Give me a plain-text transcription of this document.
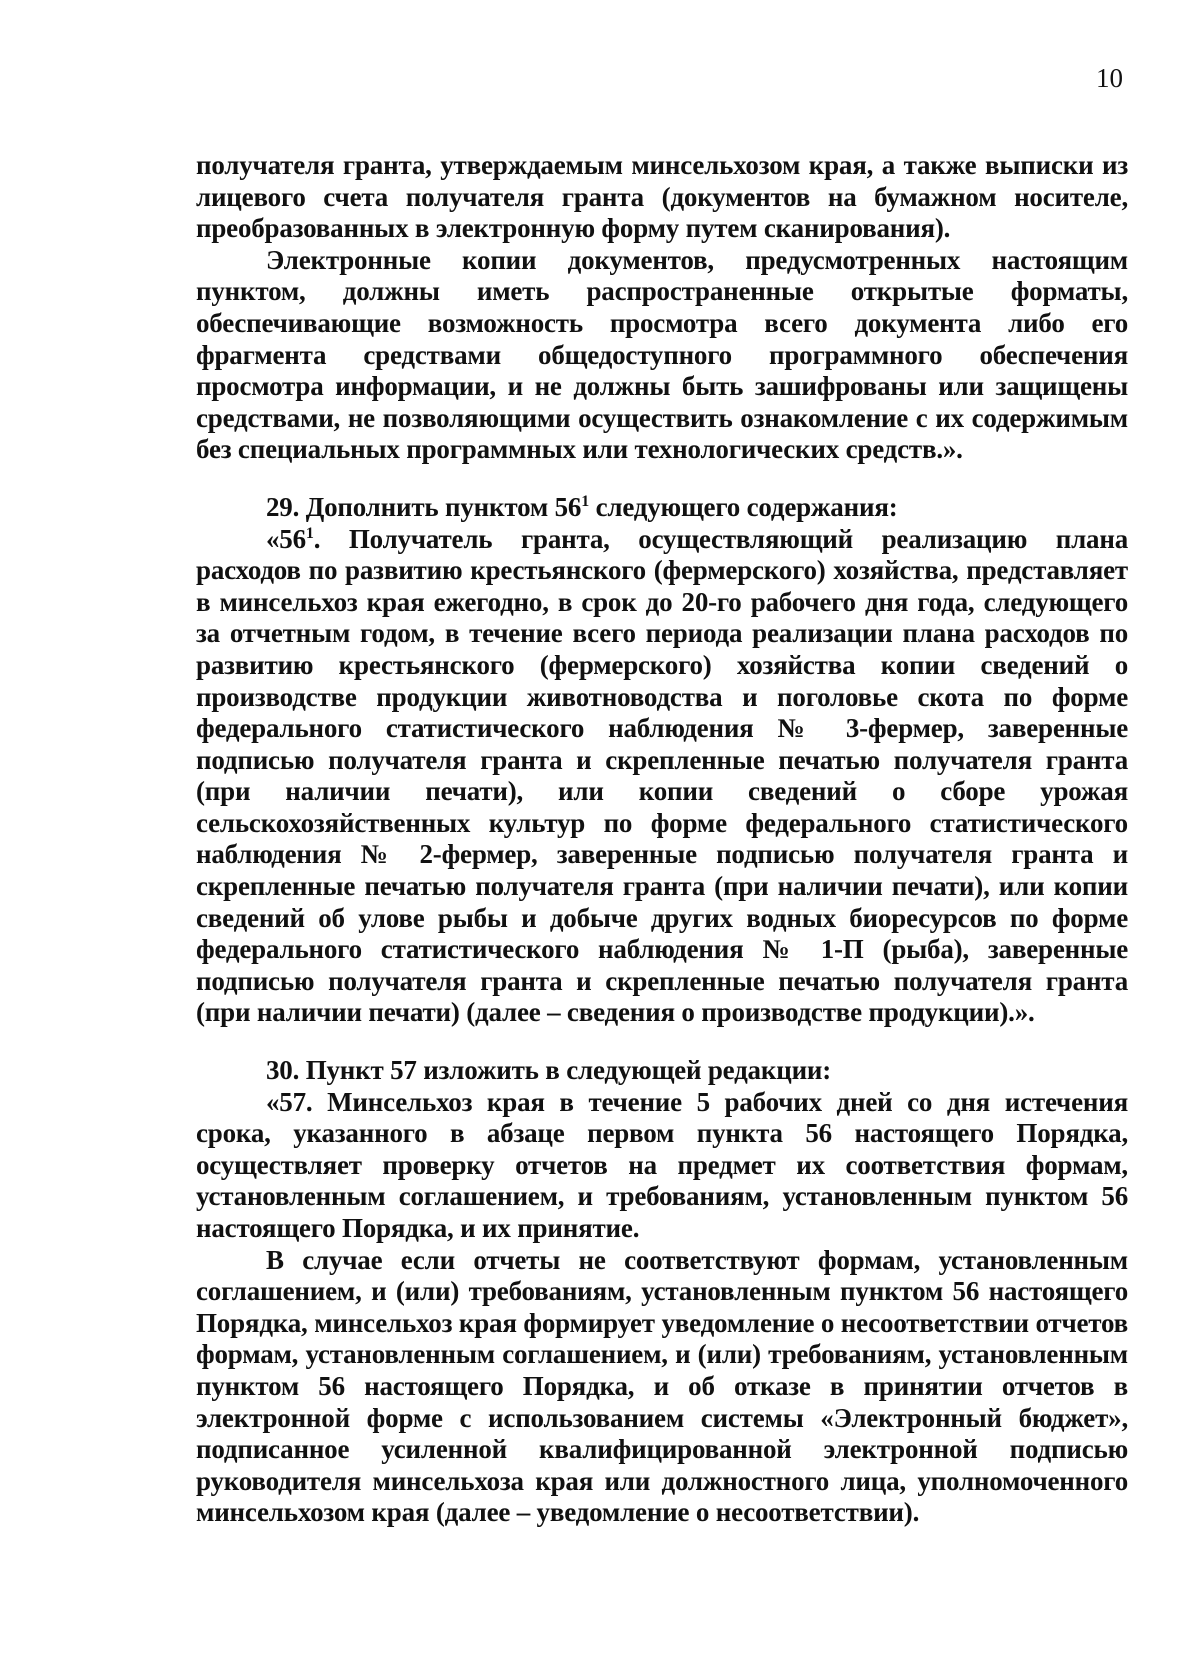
10

получателя гранта, утверждаемым минсельхозом края, а также выписки из лицевого счета получателя гранта (документов на бумажном носителе, преобразованных в электронную форму путем сканирования).

Электронные копии документов, предусмотренных настоящим пунктом, должны иметь распространенные открытые форматы, обеспечивающие возможность просмотра всего документа либо его фрагмента средствами общедоступного программного обеспечения просмотра информации, и не должны быть зашифрованы или защищены средствами, не позволяющими осуществить ознакомление с их содержимым без специальных программных или технологических средств.».

29. Дополнить пунктом $56^1$ следующего содержания:

«$56^1$. Получатель гранта, осуществляющий реализацию плана расходов по развитию крестьянского (фермерского) хозяйства, представляет в минсельхоз края ежегодно, в срок до 20-го рабочего дня года, следующего за отчетным годом, в течение всего периода реализации плана расходов по развитию крестьянского (фермерского) хозяйства копии сведений о производстве продукции животноводства и поголовье скота по форме федерального статистического наблюдения № 3-фермер, заверенные подписью получателя гранта и скрепленные печатью получателя гранта (при наличии печати), или копии сведений о сборе урожая сельскохозяйственных культур по форме федерального статистического наблюдения № 2-фермер, заверенные подписью получателя гранта и скрепленные печатью получателя гранта (при наличии печати), или копии сведений об улове рыбы и добыче других водных биоресурсов по форме федерального статистического наблюдения № 1-П (рыба), заверенные подписью получателя гранта и скрепленные печатью получателя гранта (при наличии печати) (далее – сведения о производстве продукции).».

30. Пункт 57 изложить в следующей редакции:

«57. Минсельхоз края в течение 5 рабочих дней со дня истечения срока, указанного в абзаце первом пункта 56 настоящего Порядка, осуществляет проверку отчетов на предмет их соответствия формам, установленным соглашением, и требованиям, установленным пунктом 56 настоящего Порядка, и их принятие.

В случае если отчеты не соответствуют формам, установленным соглашением, и (или) требованиям, установленным пунктом 56 настоящего Порядка, минсельхоз края формирует уведомление о несоответствии отчетов формам, установленным соглашением, и (или) требованиям, установленным пунктом 56 настоящего Порядка, и об отказе в принятии отчетов в электронной форме с использованием системы «Электронный бюджет», подписанное усиленной квалифицированной электронной подписью руководителя минсельхоза края или должностного лица, уполномоченного минсельхозом края (далее – уведомление о несоответствии).
